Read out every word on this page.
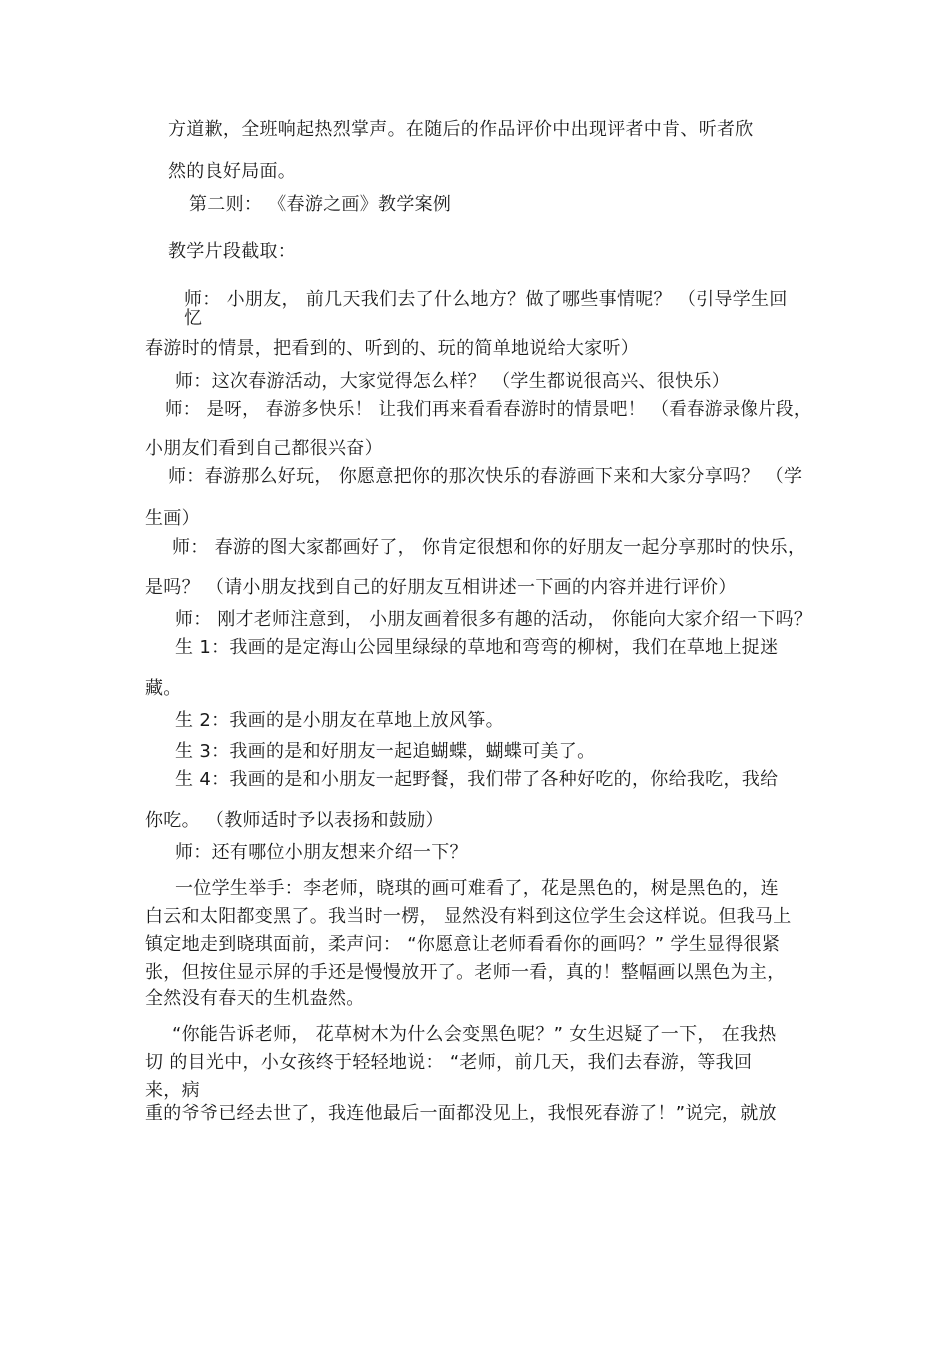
方道歉，全班响起热烈掌声。在随后的作品评价中出现评者中肯、听者欣
然的良好局面。
第二则： 《春游之画》教学案例
教学片段截取：
师： 小朋友， 前几天我们去了什么地方？做了哪些事情呢？ （引导学生回
忆
春游时的情景，把看到的、听到的、玩的简单地说给大家听）
师：这次春游活动，大家觉得怎么样？ （学生都说很高兴、很快乐）
师： 是呀， 春游多快乐！ 让我们再来看看春游时的情景吧！ （看春游录像片段，
小朋友们看到自己都很兴奋）
师：春游那么好玩， 你愿意把你的那次快乐的春游画下来和大家分享吗？ （学
生画）
师： 春游的图大家都画好了， 你肯定很想和你的好朋友一起分享那时的快乐，
是吗？ （请小朋友找到自己的好朋友互相讲述一下画的内容并进行评价）
师： 刚才老师注意到， 小朋友画着很多有趣的活动， 你能向大家介绍一下吗？
生 1：我画的是定海山公园里绿绿的草地和弯弯的柳树，我们在草地上捉迷
藏。
生 2：我画的是小朋友在草地上放风筝。
生 3：我画的是和好朋友一起追蝴蝶，蝴蝶可美了。
生 4：我画的是和小朋友一起野餐，我们带了各种好吃的，你给我吃，我给
你吃。 （教师适时予以表扬和鼓励）
师：还有哪位小朋友想来介绍一下？
一位学生举手：李老师，晓琪的画可难看了，花是黑色的，树是黑色的，连
白云和太阳都变黑了。我当时一楞， 显然没有料到这位学生会这样说。但我马上
镇定地走到晓琪面前，柔声问： “你愿意让老师看看你的画吗？” 学生显得很紧
张，但按住显示屏的手还是慢慢放开了。老师一看，真的！整幅画以黑色为主，
全然没有春天的生机盎然。
“你能告诉老师， 花草树木为什么会变黑色呢？” 女生迟疑了一下， 在我热
切 的目光中，小女孩终于轻轻地说： “老师，前几天，我们去春游，等我回
来，病
重的爷爷已经去世了，我连他最后一面都没见上，我恨死春游了！”说完，就放
